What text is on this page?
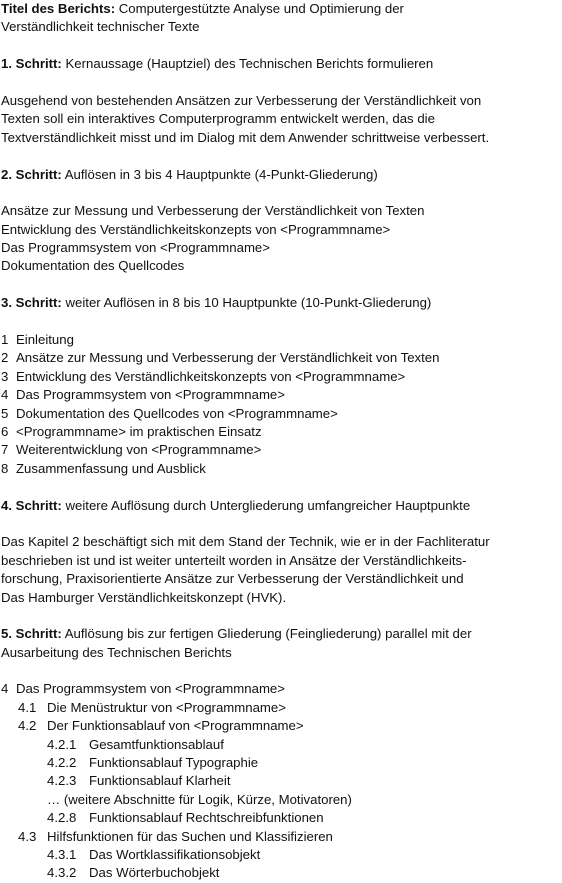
Titel des Berichts: Computergestützte Analyse und Optimierung der
Verständlichkeit technischer Texte
1. Schritt: Kernaussage (Hauptziel) des Technischen Berichts formulieren
Ausgehend von bestehenden Ansätzen zur Verbesserung der Verständlichkeit von
Texten soll ein interaktives Computerprogramm entwickelt werden, das die
Textverständlichkeit misst und im Dialog mit dem Anwender schrittweise verbessert.
2. Schritt: Auflösen in 3 bis 4 Hauptpunkte (4-Punkt-Gliederung)
Ansätze zur Messung und Verbesserung der Verständlichkeit von Texten
Entwicklung des Verständlichkeitskonzepts von <Programmname>
Das Programmsystem von <Programmname>
Dokumentation des Quellcodes
3. Schritt: weiter Auflösen in 8 bis 10 Hauptpunkte (10-Punkt-Gliederung)
1 Einleitung
2 Ansätze zur Messung und Verbesserung der Verständlichkeit von Texten
3 Entwicklung des Verständlichkeitskonzepts von <Programmname>
4 Das Programmsystem von <Programmname>
5 Dokumentation des Quellcodes von <Programmname>
6 <Programmname> im praktischen Einsatz
7 Weiterentwicklung von <Programmname>
8 Zusammenfassung und Ausblick
4. Schritt: weitere Auflösung durch Untergliederung umfangreicher Hauptpunkte
Das Kapitel 2 beschäftigt sich mit dem Stand der Technik, wie er in der Fachliteratur
beschrieben ist und ist weiter unterteilt worden in Ansätze der Verständlichkeits-
forschung, Praxisorientierte Ansätze zur Verbesserung der Verständlichkeit und
Das Hamburger Verständlichkeitskonzept (HVK).
5. Schritt: Auflösung bis zur fertigen Gliederung (Feingliederung) parallel mit der
Ausarbeitung des Technischen Berichts
4 Das Programmsystem von <Programmname>
4.1 Die Menüstruktur von <Programmname>
4.2 Der Funktionsablauf von <Programmname>
4.2.1 Gesamtfunktionsablauf
4.2.2 Funktionsablauf Typographie
4.2.3 Funktionsablauf Klarheit
… (weitere Abschnitte für Logik, Kürze, Motivatoren)
4.2.8 Funktionsablauf Rechtschreibfunktionen
4.3 Hilfsfunktionen für das Suchen und Klassifizieren
4.3.1 Das Wortklassifikationsobjekt
4.3.2 Das Wörterbuchobjekt
